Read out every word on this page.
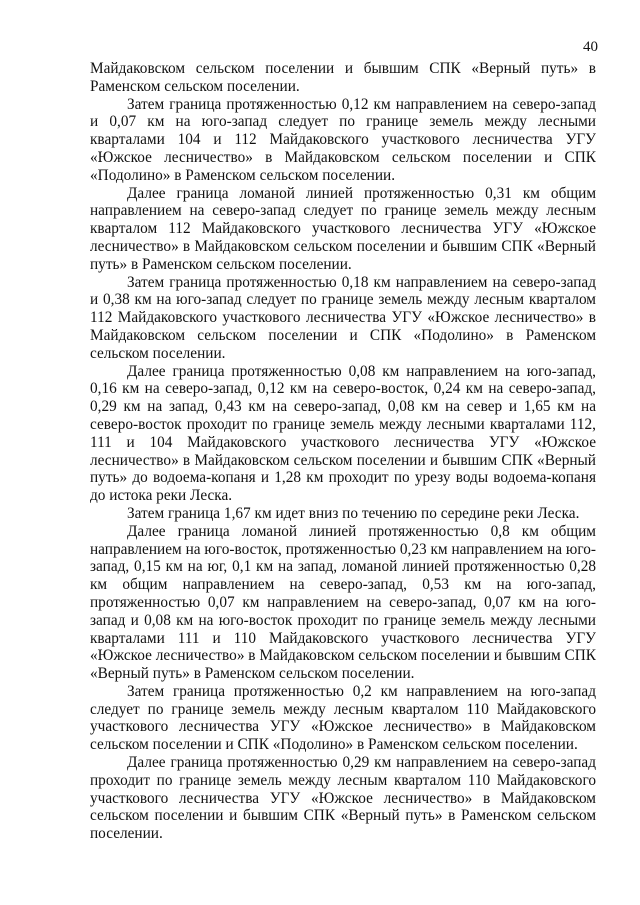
40

Майдаковском сельском поселении и бывшим СПК «Верный путь» в Раменском сельском поселении.

Затем граница протяженностью 0,12 км направлением на северо-запад и 0,07 км на юго-запад следует по границе земель между лесными кварталами 104 и 112 Майдаковского участкового лесничества УГУ «Южское лесничество» в Майдаковском сельском поселении и СПК «Подолино» в Раменском сельском поселении.

Далее граница ломаной линией протяженностью 0,31 км общим направлением на северо-запад следует по границе земель между лесным кварталом 112 Майдаковского участкового лесничества УГУ «Южское лесничество» в Майдаковском сельском поселении и бывшим СПК «Верный путь» в Раменском сельском поселении.

Затем граница протяженностью 0,18 км направлением на северо-запад и 0,38 км на юго-запад следует по границе земель между лесным кварталом 112 Майдаковского участкового лесничества УГУ «Южское лесничество» в Майдаковском сельском поселении и СПК «Подолино» в Раменском сельском поселении.

Далее граница протяженностью 0,08 км направлением на юго-запад, 0,16 км на северо-запад, 0,12 км на северо-восток, 0,24 км на северо-запад, 0,29 км на запад, 0,43 км на северо-запад, 0,08 км на север и 1,65 км на северо-восток проходит по границе земель между лесными кварталами 112, 111 и 104 Майдаковского участкового лесничества УГУ «Южское лесничество» в Майдаковском сельском поселении и бывшим СПК «Верный путь» до водоема-копаня и 1,28 км проходит по урезу воды водоема-копаня до истока реки Леска.

Затем граница 1,67 км идет вниз по течению по середине реки Леска.

Далее граница ломаной линией протяженностью 0,8 км общим направлением на юго-восток, протяженностью 0,23 км направлением на юго-запад, 0,15 км на юг, 0,1 км на запад, ломаной линией протяженностью 0,28 км общим направлением на северо-запад, 0,53 км на юго-запад, протяженностью 0,07 км направлением на северо-запад, 0,07 км на юго-запад и 0,08 км на юго-восток проходит по границе земель между лесными кварталами 111 и 110 Майдаковского участкового лесничества УГУ «Южское лесничество» в Майдаковском сельском поселении и бывшим СПК «Верный путь» в Раменском сельском поселении.

Затем граница протяженностью 0,2 км направлением на юго-запад следует по границе земель между лесным кварталом 110 Майдаковского участкового лесничества УГУ «Южское лесничество» в Майдаковском сельском поселении и СПК «Подолино» в Раменском сельском поселении.

Далее граница протяженностью 0,29 км направлением на северо-запад проходит по границе земель между лесным кварталом 110 Майдаковского участкового лесничества УГУ «Южское лесничество» в Майдаковском сельском поселении и бывшим СПК «Верный путь» в Раменском сельском поселении.
